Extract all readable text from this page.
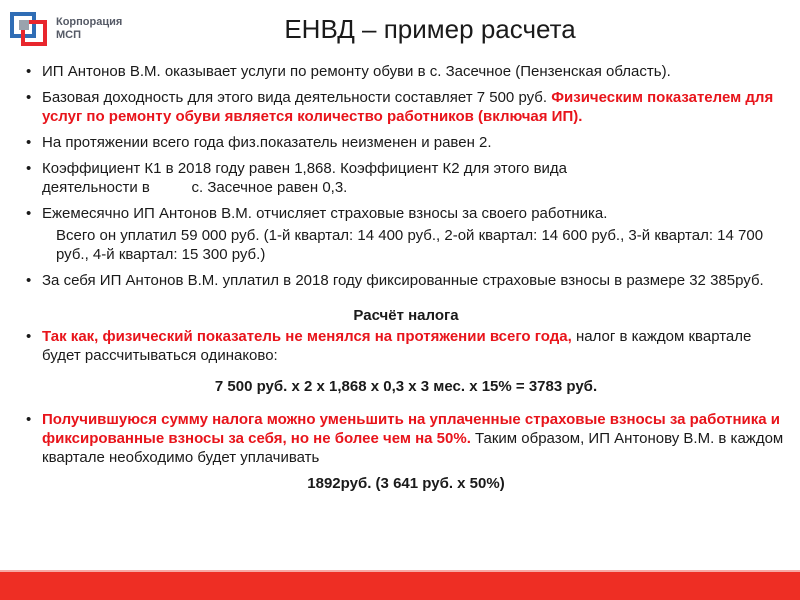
Корпорация
МСП	ЕНВД – пример расчета
• ИП Антонов В.М. оказывает услуги по ремонту обуви в с. Засечное (Пензенская область).
• Базовая доходность для этого вида деятельности составляет 7 500 руб. Физическим показателем для услуг по ремонту обуви является количество работников (включая ИП).
• На протяжении всего года физ.показатель неизменен и равен 2.
• Коэффициент К1 в 2018 году равен 1,868. Коэффициент К2 для этого вида
деятельности в          с. Засечное равен 0,3.
• Ежемесячно ИП Антонов В.М. отчисляет страховые взносы за своего работника.
Всего он уплатил 59 000 руб. (1-й квартал: 14 400 руб., 2-ой квартал: 14 600 руб., 3-й квартал: 14 700 руб., 4-й квартал: 15 300 руб.)
• За себя ИП Антонов В.М. уплатил в 2018 году фиксированные страховые взносы в размере 32 385руб.
Расчёт налога
• Так как, физический показатель не менялся на протяжении всего года, налог в каждом квартале будет рассчитываться одинаково:
7 500 руб. х 2 х 1,868 х 0,3 х 3 мес. х 15% = 3783 руб.
• Получившуюся сумму налога можно уменьшить на уплаченные страховые взносы за работника и фиксированные взносы за себя, но не более чем на 50%. Таким образом, ИП Антонову В.М. в каждом квартале необходимо будет уплачивать
1892руб. (3 641 руб. х 50%)
